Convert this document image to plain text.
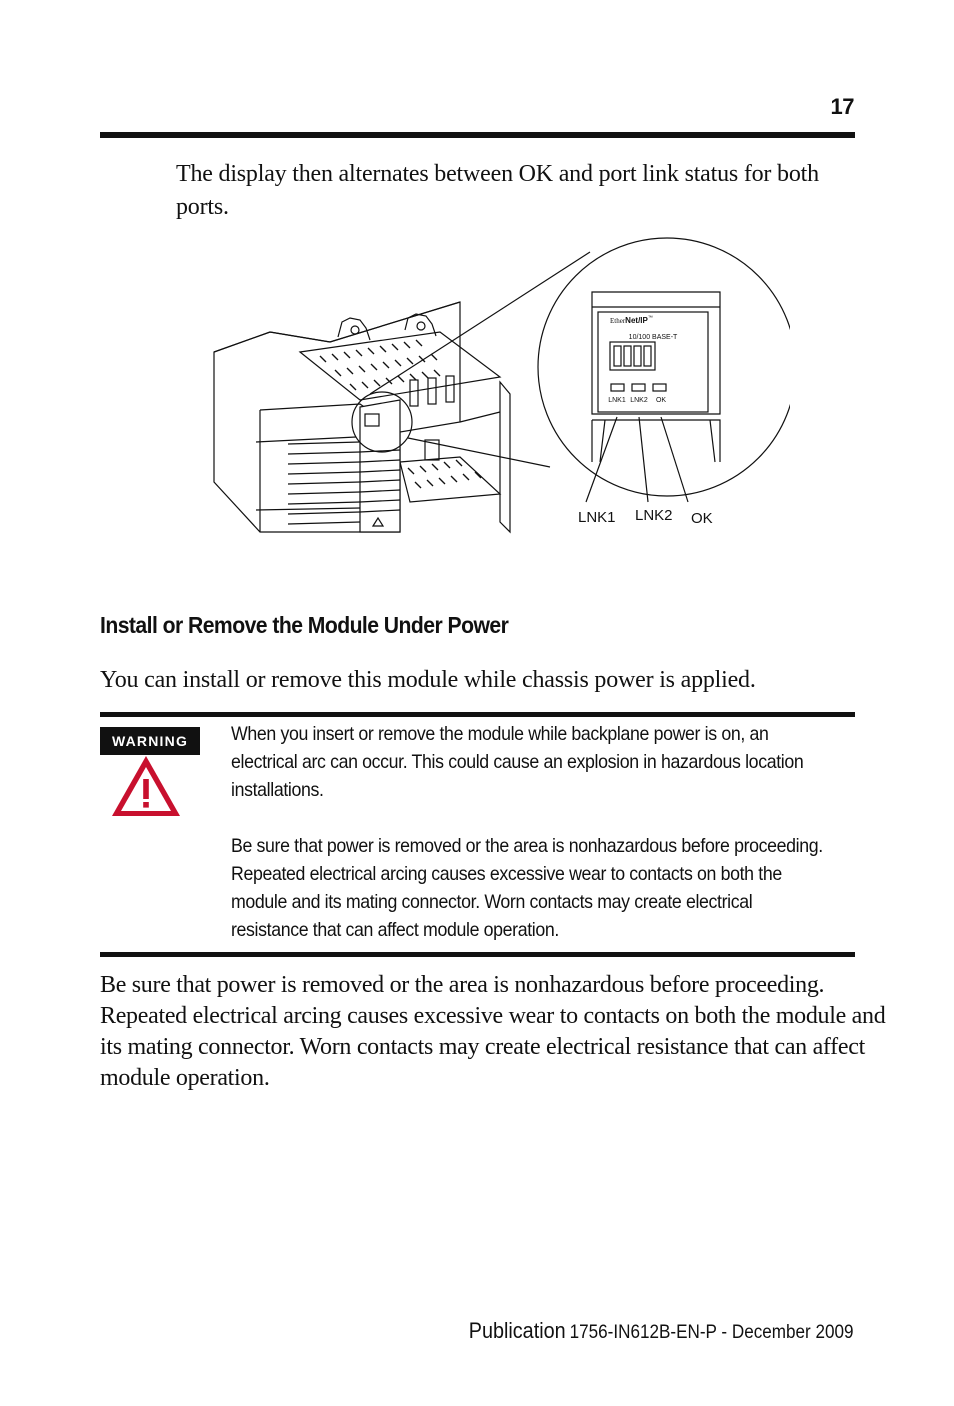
17
The display then alternates between OK and port link status for both ports.
EtherNet/IP™
10/100 BASE-T
LNK1 LNK2 OK
LNK1 LNK2 OK
Install or Remove the Module Under Power
You can install or remove this module while chassis power is applied.
WARNING	When you insert or remove the module while backplane power is on, an electrical arc can occur. This could cause an explosion in hazardous location installations.

Be sure that power is removed or the area is nonhazardous before proceeding. Repeated electrical arcing causes excessive wear to contacts on both the module and its mating connector. Worn contacts may create electrical resistance that can affect module operation.

Be sure that power is removed or the area is nonhazardous before proceeding. Repeated electrical arcing causes excessive wear to contacts on both the module and its mating connector. Worn contacts may create electrical resistance that can affect module operation.
Publication 1756-IN612B-EN-P - December 2009
